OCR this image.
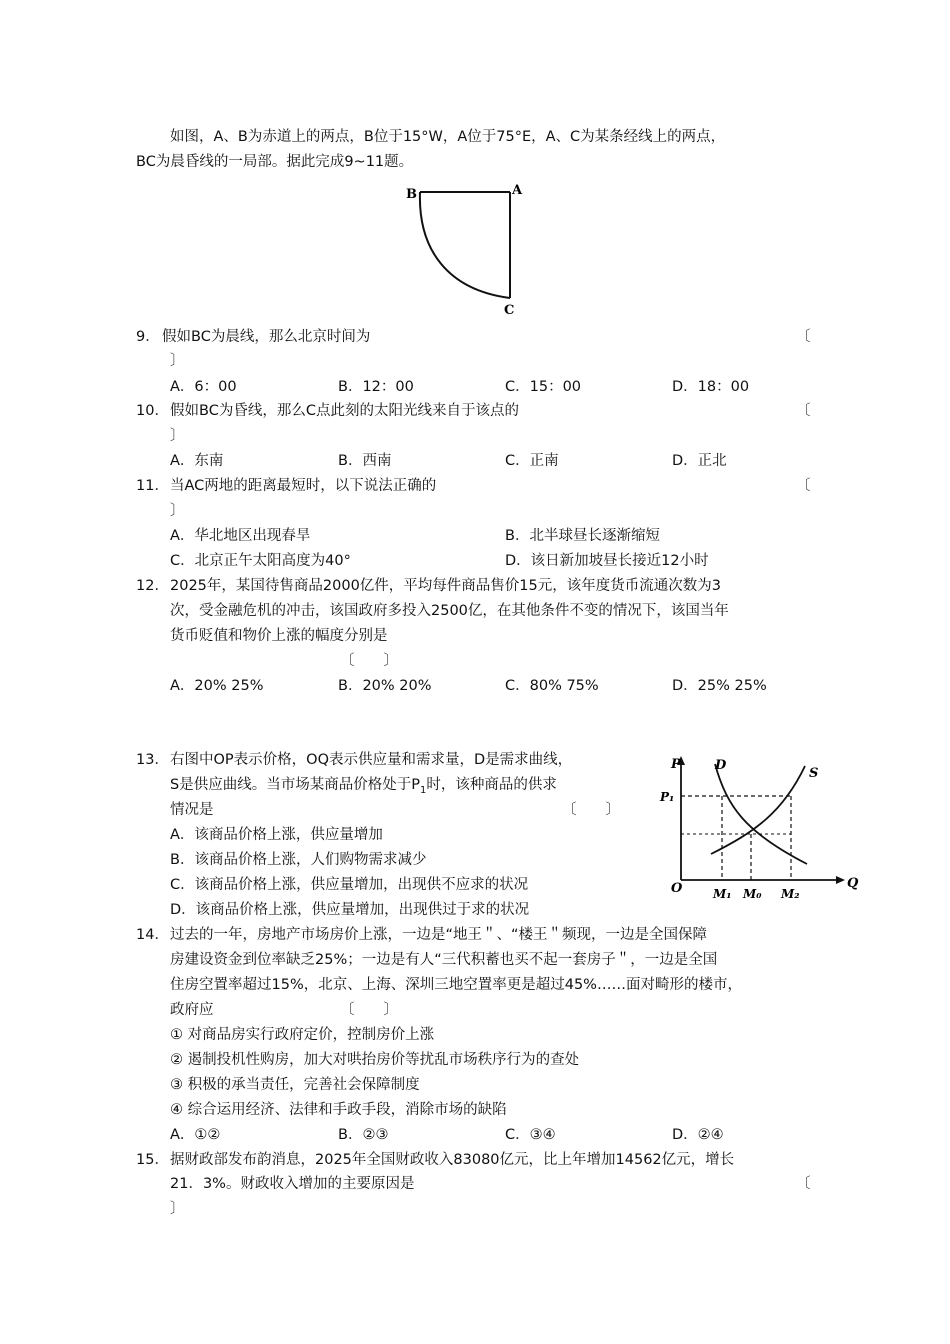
如图，A、B为赤道上的两点，B位于15°W，A位于75°E，A、C为某条经线上的两点，
BC为晨昏线的一局部。据此完成9~11题。
B	A
C
9． 假如BC为晨线，那么北京时间为	〔
〕
A．6：00	B．12：00	C．15：00	D．18：00
10． 假如BC为昏线，那么C点此刻的太阳光线来自于该点的	〔
〕
A．东南	B．西南	C．正南	D．正北
11． 当AC两地的距离最短时，以下说法正确的	〔
〕
A．华北地区出现春旱	B．北半球昼长逐渐缩短
C．北京正午太阳高度为40°	D．该日新加坡昼长接近12小时
12． 2025年，某国待售商品2000亿件，平均每件商品售价15元，该年度货币流通次数为3
次，受金融危机的冲击，该国政府多投入2500亿，在其他条件不变的情况下，该国当年
货币贬值和物价上涨的幅度分别是
〔　　〕
A．20% 25%	B．20% 20%	C．80% 75%	D．25% 25%
13． 右图中OP表示价格，OQ表示供应量和需求量，D是需求曲线，
S是供应曲线。当市场某商品价格处于$P_1$时，该种商品的供求
情况是	〔　　〕
A．该商品价格上涨，供应量增加
B．该商品价格上涨，人们购物需求减少
C．该商品价格上涨，供应量增加，出现供不应求的状况
D．该商品价格上涨，供应量增加，出现供过于求的状况
P	D
S
P₁
O	M₁ M₀ M₂
Q
14． 过去的一年，房地产市场房价上涨，一边是“地王＂、“楼王＂频现，一边是全国保障
房建设资金到位率缺乏25%；一边是有人“三代积蓄也买不起一套房子＂，一边是全国
住房空置率超过15%，北京、上海、深圳三地空置率更是超过45%……面对畸形的楼市，
政府应	〔　　〕
① 对商品房实行政府定价，控制房价上涨
② 遏制投机性购房，加大对哄抬房价等扰乱市场秩序行为的查处
③ 积极的承当责任，完善社会保障制度
④ 综合运用经济、法律和手政手段，消除市场的缺陷
A．①②	B．②③	C．③④	D．②④
15． 据财政部发布韵消息，2025年全国财政收入83080亿元，比上年增加14562亿元，增长
21．3%。财政收入增加的主要原因是	〔
〕
